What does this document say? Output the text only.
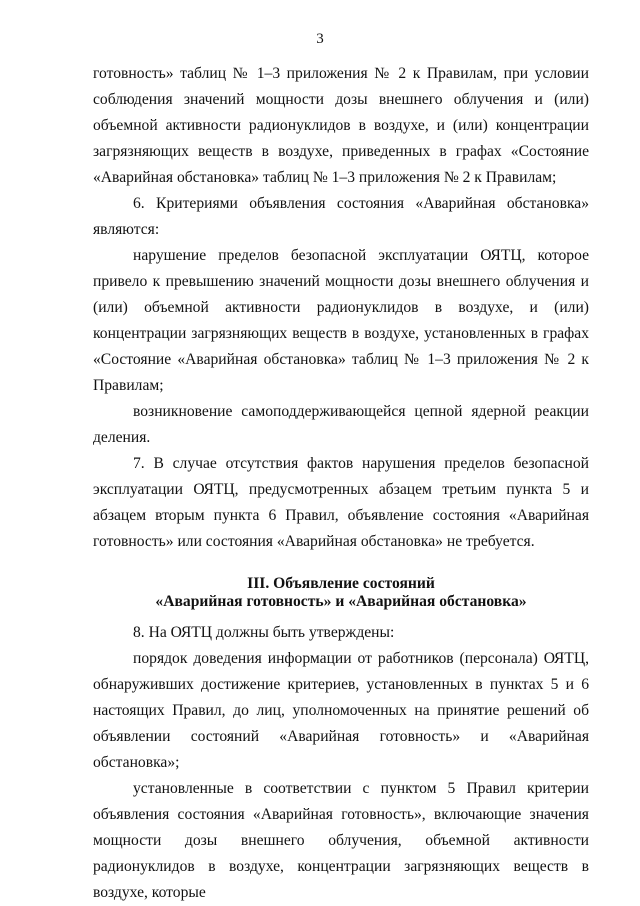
3

готовность» таблиц № 1–3 приложения № 2 к Правилам, при условии соблюдения значений мощности дозы внешнего облучения и (или) объемной активности радионуклидов в воздухе, и (или) концентрации загрязняющих веществ в воздухе, приведенных в графах «Состояние «Аварийная обстановка» таблиц № 1–3 приложения № 2 к Правилам;

6. Критериями объявления состояния «Аварийная обстановка» являются:

нарушение пределов безопасной эксплуатации ОЯТЦ, которое привело к превышению значений мощности дозы внешнего облучения и (или) объемной активности радионуклидов в воздухе, и (или) концентрации загрязняющих веществ в воздухе, установленных в графах «Состояние «Аварийная обстановка» таблиц № 1–3 приложения № 2 к Правилам;

возникновение самоподдерживающейся цепной ядерной реакции деления.

7. В случае отсутствия фактов нарушения пределов безопасной эксплуатации ОЯТЦ, предусмотренных абзацем третьим пункта 5 и абзацем вторым пункта 6 Правил, объявление состояния «Аварийная готовность» или состояния «Аварийная обстановка» не требуется.

III. Объявление состояний
«Аварийная готовность» и «Аварийная обстановка»

8. На ОЯТЦ должны быть утверждены:

порядок доведения информации от работников (персонала) ОЯТЦ, обнаруживших достижение критериев, установленных в пунктах 5 и 6 настоящих Правил, до лиц, уполномоченных на принятие решений об объявлении состояний «Аварийная готовность» и «Аварийная обстановка»;

установленные в соответствии с пунктом 5 Правил критерии объявления состояния «Аварийная готовность», включающие значения мощности дозы внешнего облучения, объемной активности радионуклидов в воздухе, концентрации загрязняющих веществ в воздухе, которые
